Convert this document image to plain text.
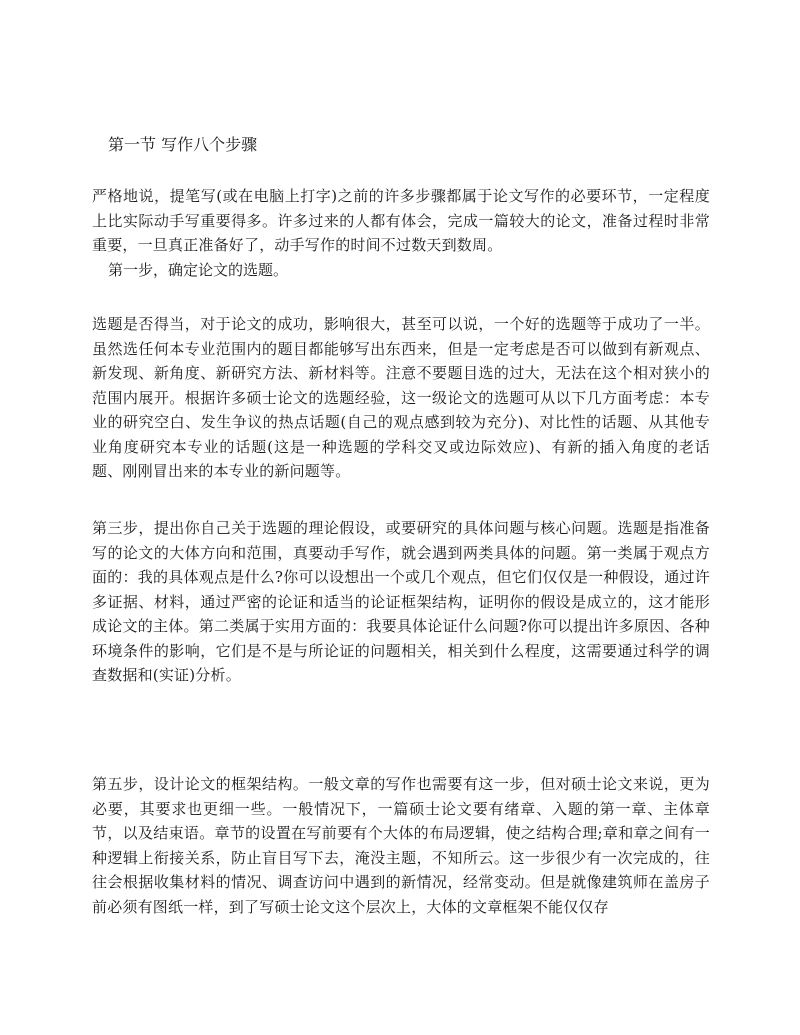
第一节 写作八个步骤

严格地说，提笔写(或在电脑上打字)之前的许多步骤都属于论文写作的必要环节，一定程度上比实际动手写重要得多。许多过来的人都有体会，完成一篇较大的论文，准备过程时非常重要，一旦真正准备好了，动手写作的时间不过数天到数周。

第一步，确定论文的选题。

选题是否得当，对于论文的成功，影响很大，甚至可以说，一个好的选题等于成功了一半。虽然选任何本专业范围内的题目都能够写出东西来，但是一定考虑是否可以做到有新观点、新发现、新角度、新研究方法、新材料等。注意不要题目选的过大，无法在这个相对狭小的范围内展开。根据许多硕士论文的选题经验，这一级论文的选题可从以下几方面考虑：本专业的研究空白、发生争议的热点话题(自己的观点感到较为充分)、对比性的话题、从其他专业角度研究本专业的话题(这是一种选题的学科交叉或边际效应)、有新的插入角度的老话题、刚刚冒出来的本专业的新问题等。

第三步，提出你自己关于选题的理论假设，或要研究的具体问题与核心问题。选题是指准备写的论文的大体方向和范围，真要动手写作，就会遇到两类具体的问题。第一类属于观点方面的：我的具体观点是什么?你可以设想出一个或几个观点，但它们仅仅是一种假设，通过许多证据、材料，通过严密的论证和适当的论证框架结构，证明你的假设是成立的，这才能形成论文的主体。第二类属于实用方面的：我要具体论证什么问题?你可以提出许多原因、各种环境条件的影响，它们是不是与所论证的问题相关，相关到什么程度，这需要通过科学的调查数据和(实证)分析。

第五步，设计论文的框架结构。一般文章的写作也需要有这一步，但对硕士论文来说，更为必要，其要求也更细一些。一般情况下，一篇硕士论文要有绪章、入题的第一章、主体章节，以及结束语。章节的设置在写前要有个大体的布局逻辑，使之结构合理;章和章之间有一种逻辑上衔接关系，防止盲目写下去，淹没主题，不知所云。这一步很少有一次完成的，往往会根据收集材料的情况、调查访问中遇到的新情况，经常变动。但是就像建筑师在盖房子前必须有图纸一样，到了写硕士论文这个层次上，大体的文章框架不能仅仅存
